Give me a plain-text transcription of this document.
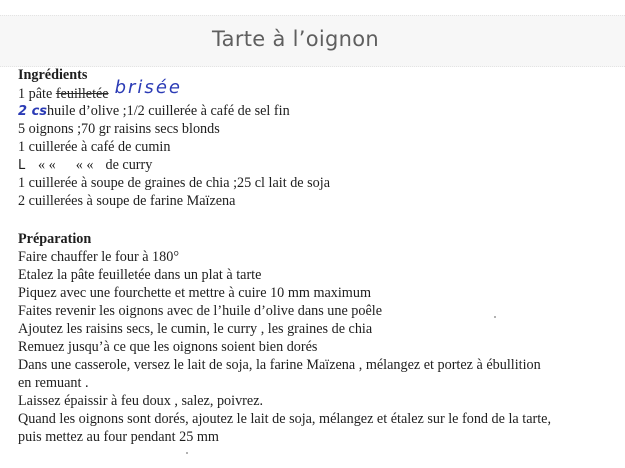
Tarte à l’oignon
Ingrédients
1 pâte feuilletée brisée
2 cshuile d’olive ;1/2 cuillerée à café de sel fin
5 oignons ;70 gr raisins secs blonds
1 cuillerée à café de cumin
L « « « « de curry
1 cuillerée à soupe de graines de chia ;25 cl lait de soja
2 cuillerées à soupe de farine Maïzena
Préparation
Faire chauffer le four à 180°
Etalez la pâte feuilletée dans un plat à tarte
Piquez avec une fourchette et mettre à cuire 10 mm maximum
Faites revenir les oignons avec de l’huile d’olive dans une poêle
Ajoutez les raisins secs, le cumin, le curry , les graines de chia
Remuez jusqu’à ce que les oignons soient bien dorés
Dans une casserole, versez le lait de soja, la farine Maïzena , mélangez et portez à ébullition
en remuant .
Laissez épaissir à feu doux , salez, poivrez.
Quand les oignons sont dorés, ajoutez le lait de soja, mélangez et étalez sur le fond de la tarte,
puis mettez au four pendant 25 mm
